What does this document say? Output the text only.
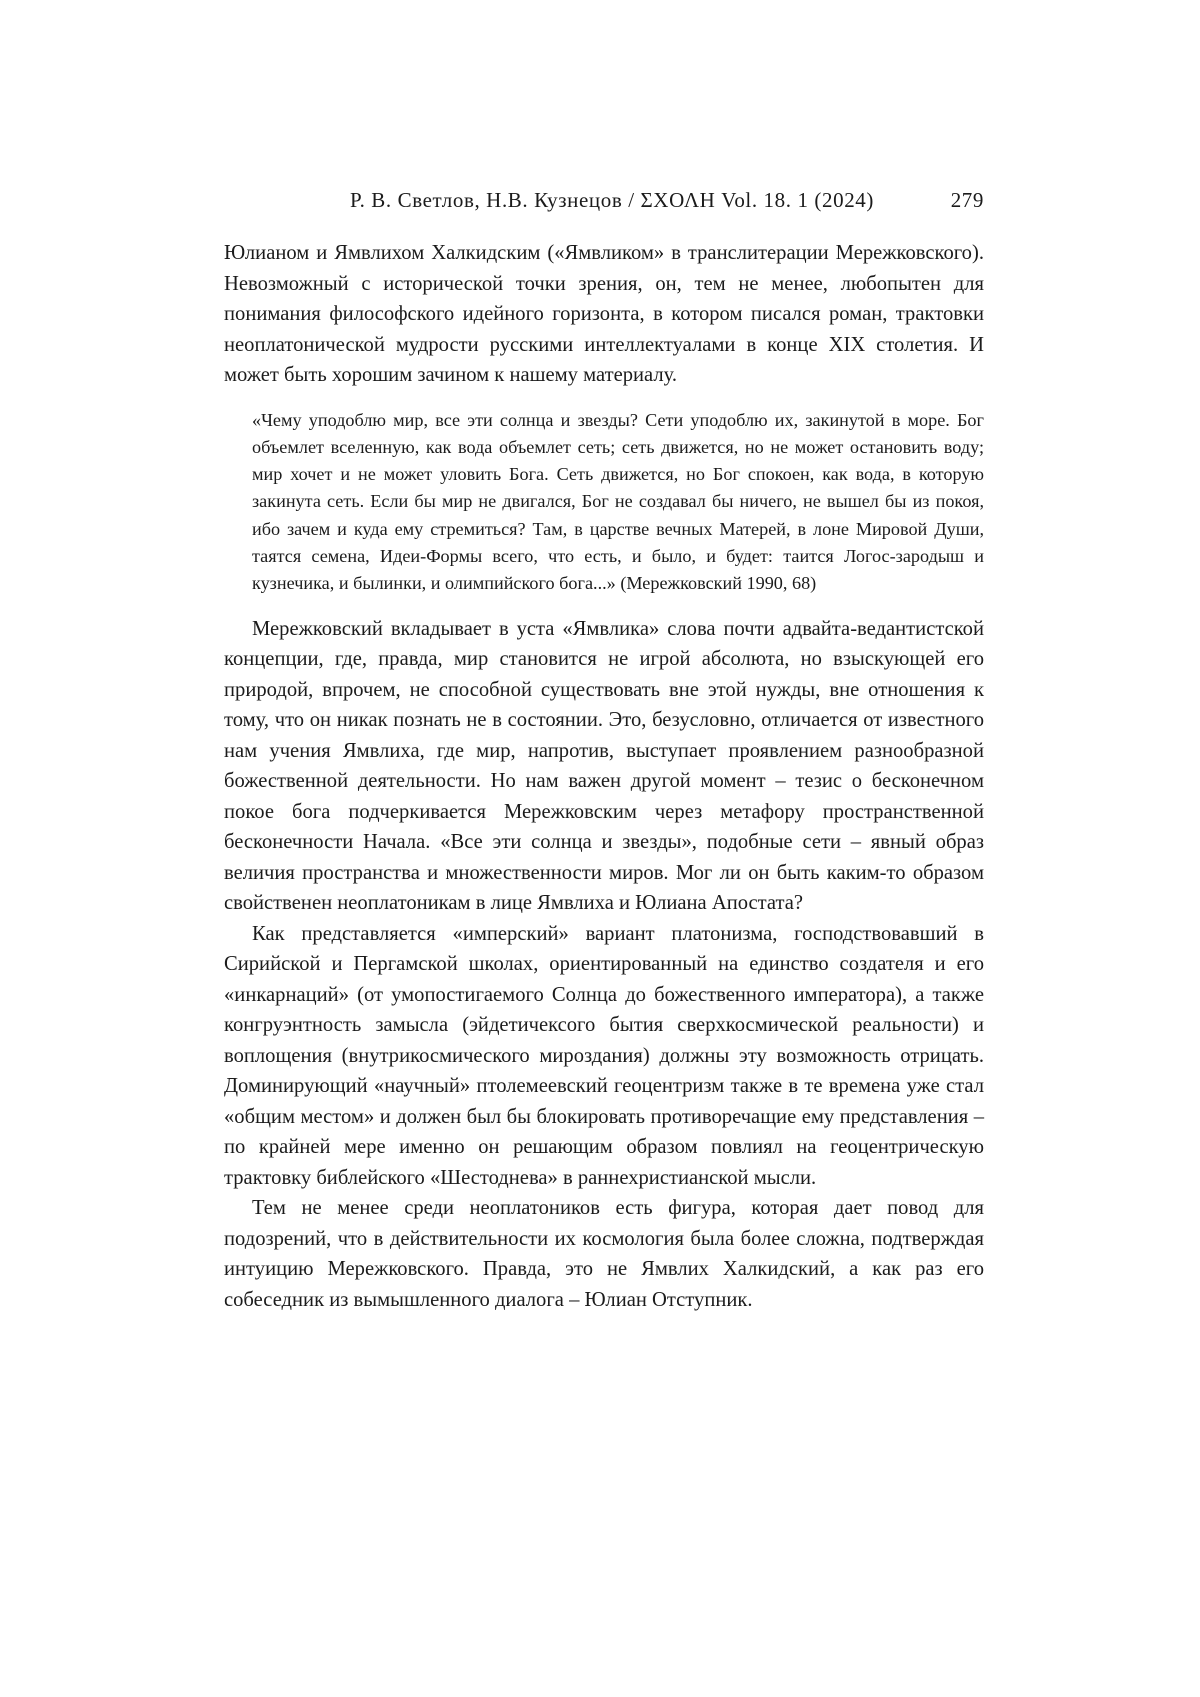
Р. В. Светлов, Н.В. Кузнецов / ΣΧΟΛΗ Vol. 18. 1 (2024)	279

Юлианом и Ямвлихом Халкидским («Ямвликом» в транслитерации Мережковского). Невозможный с исторической точки зрения, он, тем не менее, любопытен для понимания философского идейного горизонта, в котором писался роман, трактовки неоплатонической мудрости русскими интеллектуалами в конце XIX столетия. И может быть хорошим зачином к нашему материалу.

«Чему уподоблю мир, все эти солнца и звезды? Сети уподоблю их, закинутой в море. Бог объемлет вселенную, как вода объемлет сеть; сеть движется, но не может остановить воду; мир хочет и не может уловить Бога. Сеть движется, но Бог спокоен, как вода, в которую закинута сеть. Если бы мир не двигался, Бог не создавал бы ничего, не вышел бы из покоя, ибо зачем и куда ему стремиться? Там, в царстве вечных Матерей, в лоне Мировой Души, таятся семена, Идеи-Формы всего, что есть, и было, и будет: таится Логос-зародыш и кузнечика, и былинки, и олимпийского бога...» (Мережковский 1990, 68)

Мережковский вкладывает в уста «Ямвлика» слова почти адвайта-ведантистской концепции, где, правда, мир становится не игрой абсолюта, но взыскующей его природой, впрочем, не способной существовать вне этой нужды, вне отношения к тому, что он никак познать не в состоянии. Это, безусловно, отличается от известного нам учения Ямвлиха, где мир, напротив, выступает проявлением разнообразной божественной деятельности. Но нам важен другой момент – тезис о бесконечном покое бога подчеркивается Мережковским через метафору пространственной бесконечности Начала. «Все эти солнца и звезды», подобные сети – явный образ величия пространства и множественности миров. Мог ли он быть каким-то образом свойственен неоплатоникам в лице Ямвлиха и Юлиана Апостата?

Как представляется «имперский» вариант платонизма, господствовавший в Сирийской и Пергамской школах, ориентированный на единство создателя и его «инкарнаций» (от умопостигаемого Солнца до божественного императора), а также конгруэнтность замысла (эйдетичексого бытия сверхкосмической реальности) и воплощения (внутрикосмического мироздания) должны эту возможность отрицать. Доминирующий «научный» птолемеевский геоцентризм также в те времена уже стал «общим местом» и должен был бы блокировать противоречащие ему представления – по крайней мере именно он решающим образом повлиял на геоцентрическую трактовку библейского «Шестоднева» в раннехристианской мысли.

Тем не менее среди неоплатоников есть фигура, которая дает повод для подозрений, что в действительности их космология была более сложна, подтверждая интуицию Мережковского. Правда, это не Ямвлих Халкидский, а как раз его собеседник из вымышленного диалога – Юлиан Отступник.
